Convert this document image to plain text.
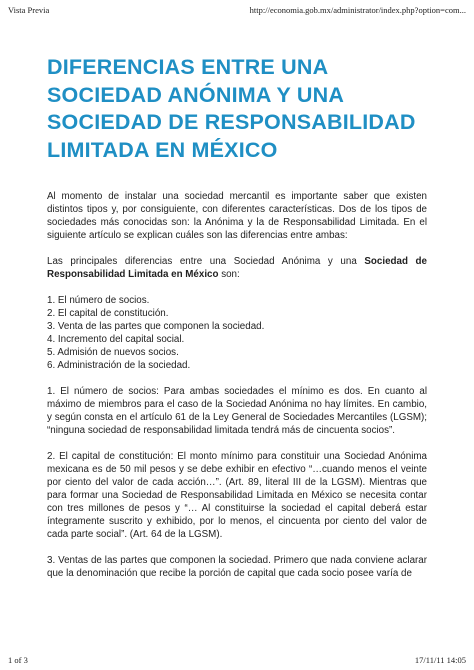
Vista Previa	http://economia.gob.mx/administrator/index.php?option=com...
DIFERENCIAS ENTRE UNA SOCIEDAD ANÓNIMA Y UNA SOCIEDAD DE RESPONSABILIDAD LIMITADA EN MÉXICO

Al momento de instalar una sociedad mercantil es importante saber que existen distintos tipos y, por consiguiente, con diferentes características. Dos de los tipos de sociedades más conocidas son: la Anónima y la de Responsabilidad Limitada. En el siguiente artículo se explican cuáles son las diferencias entre ambas:

Las principales diferencias entre una Sociedad Anónima y una Sociedad de Responsabilidad Limitada en México son:

1. El número de socios.
2. El capital de constitución.
3. Venta de las partes que componen la sociedad.
4. Incremento del capital social.
5. Admisión de nuevos socios.
6. Administración de la sociedad.

1. El número de socios: Para ambas sociedades el mínimo es dos. En cuanto al máximo de miembros para el caso de la Sociedad Anónima no hay límites. En cambio, y según consta en el artículo 61 de la Ley General de Sociedades Mercantiles (LGSM); “ninguna sociedad de responsabilidad limitada tendrá más de cincuenta socios”.

2. El capital de constitución: El monto mínimo para constituir una Sociedad Anónima mexicana es de 50 mil pesos y se debe exhibir en efectivo “…cuando menos el veinte por ciento del valor de cada acción…”. (Art. 89, literal III de la LGSM). Mientras que para formar una Sociedad de Responsabilidad Limitada en México se necesita contar con tres millones de pesos y “… Al constituirse la sociedad el capital deberá estar íntegramente suscrito y exhibido, por lo menos, el cincuenta por ciento del valor de cada parte social”. (Art. 64 de la LGSM).

3. Ventas de las partes que componen la sociedad. Primero que nada conviene aclarar que la denominación que recibe la porción de capital que cada socio posee varía de

1 of 3	17/11/11 14:05
